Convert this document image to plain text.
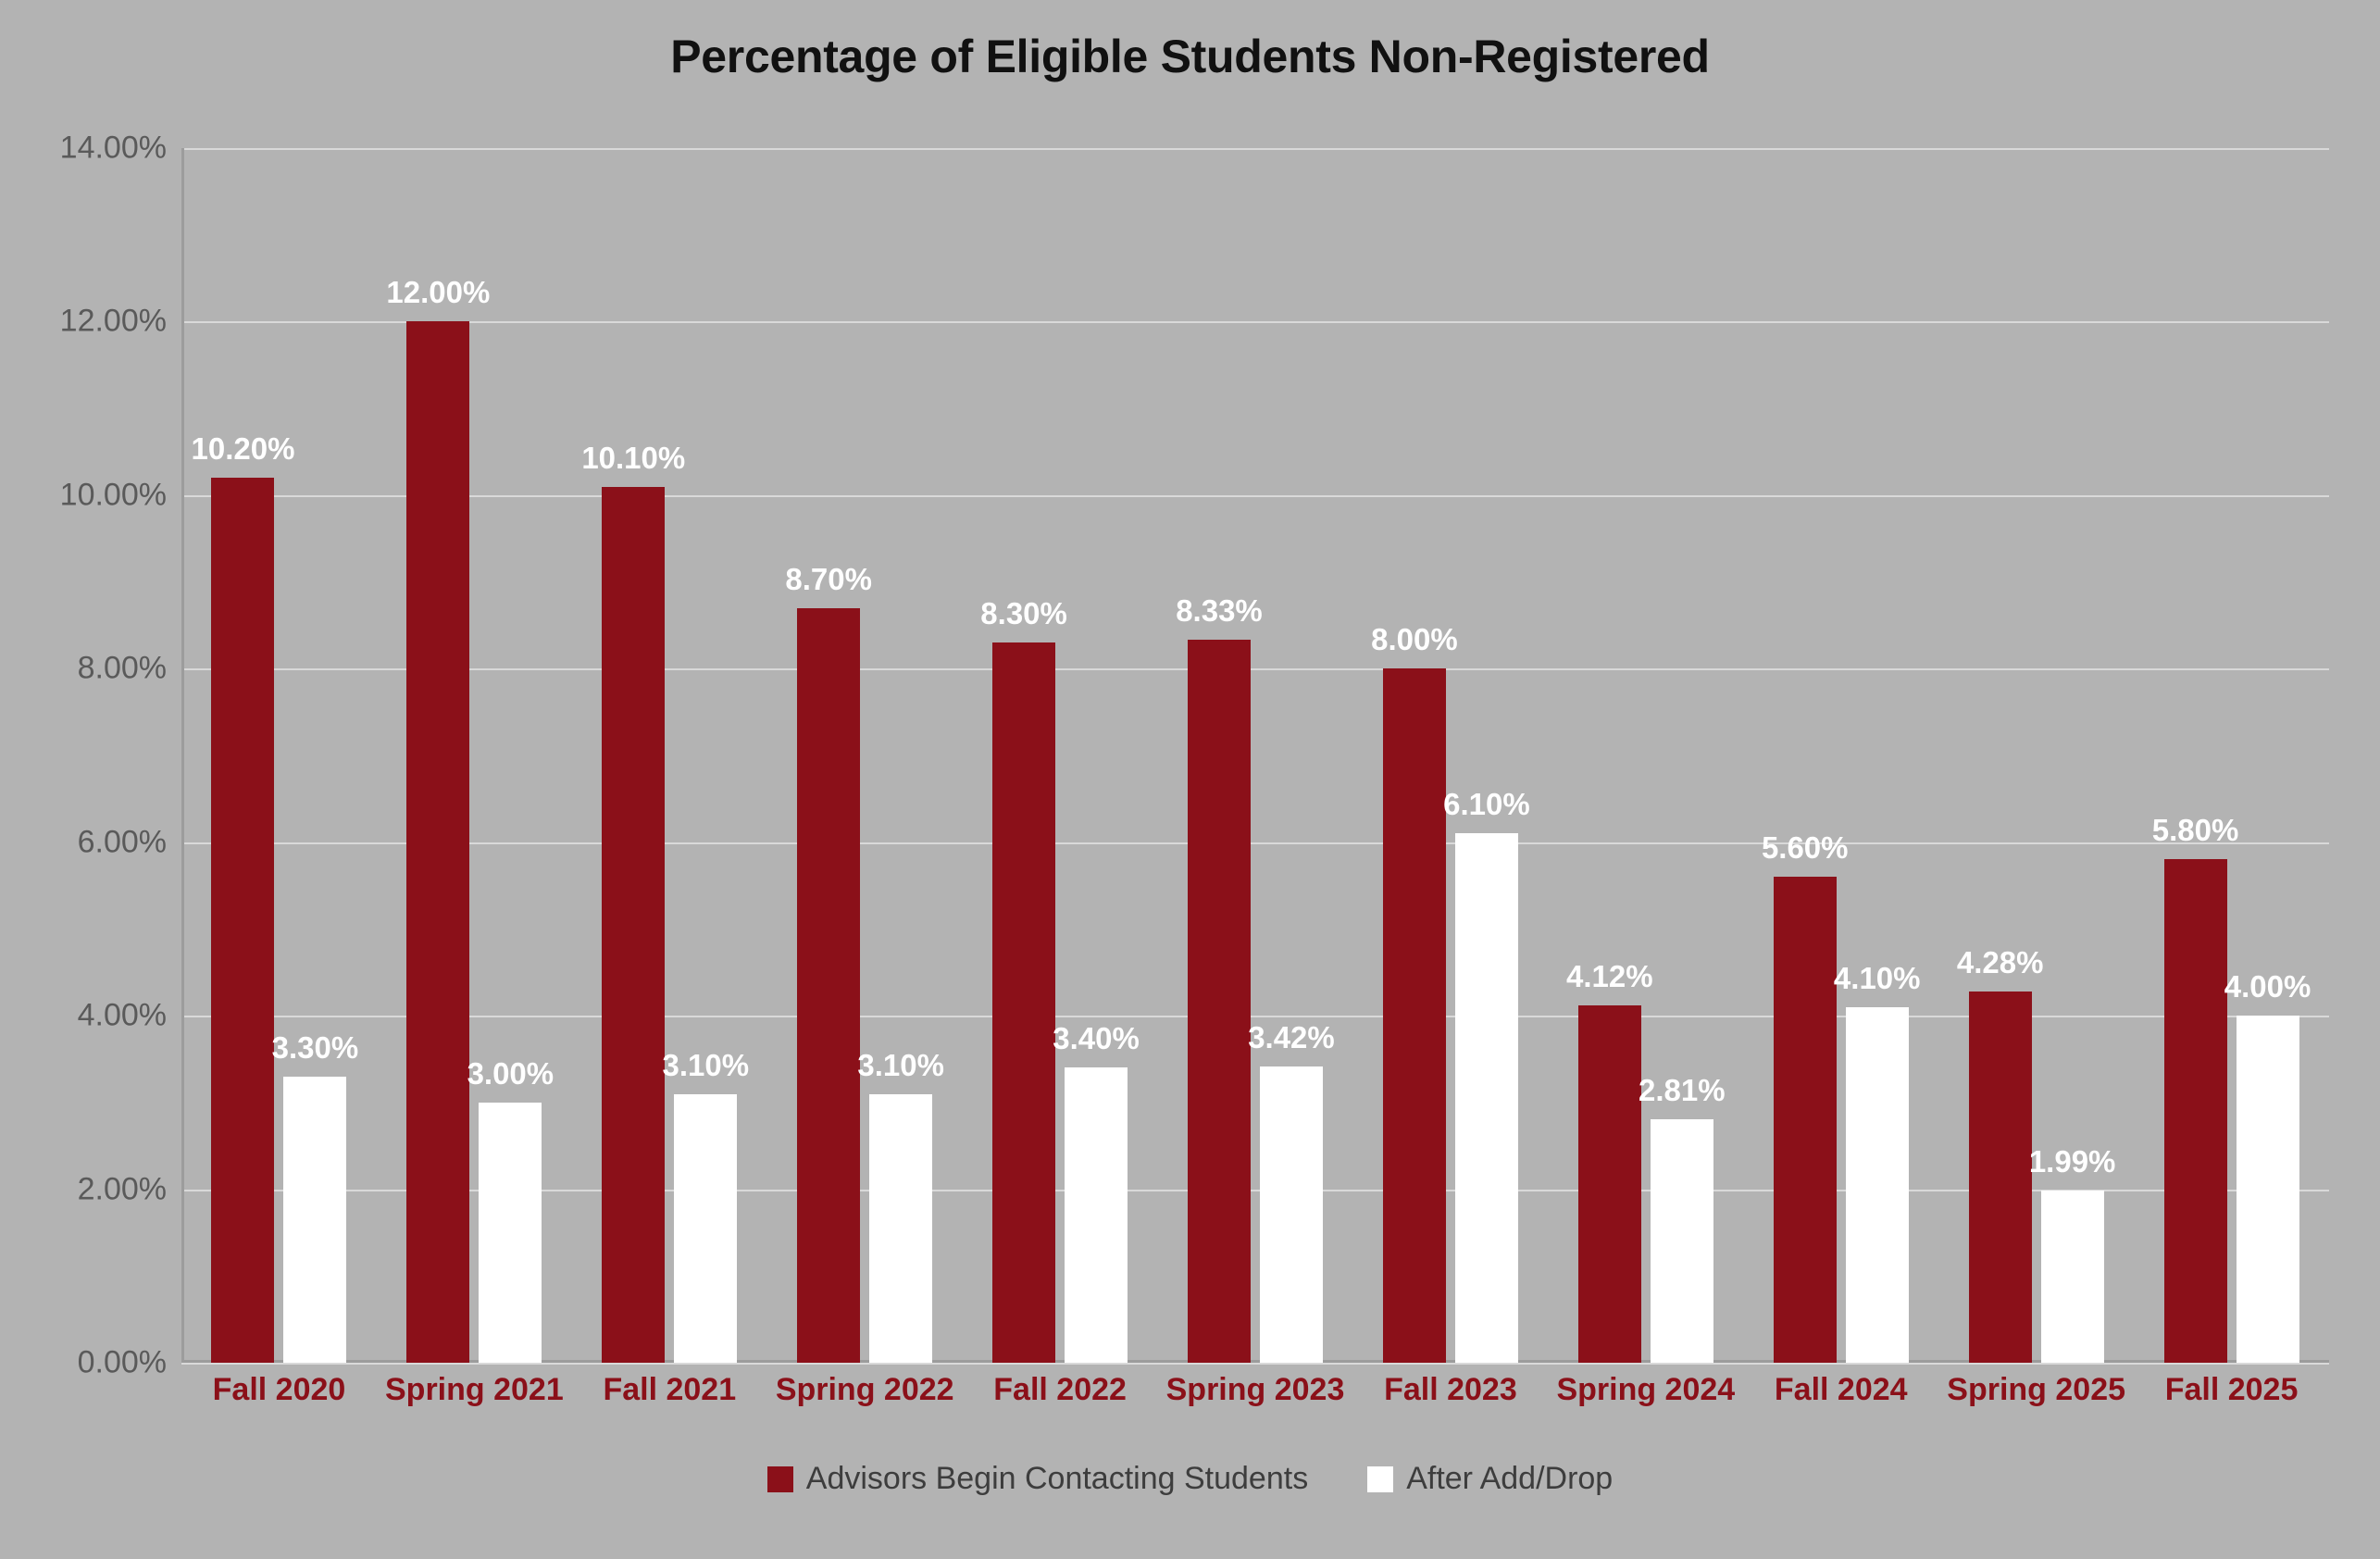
Percentage of Eligible Students Non-Registered
0.00%
2.00%
4.00%
6.00%
8.00%
10.00%
12.00%
14.00%
10.20%
3.30%
Fall 2020
12.00%
3.00%
Spring 2021
10.10%
3.10%
Fall 2021
8.70%
3.10%
Spring 2022
8.30%
3.40%
Fall 2022
8.33%
3.42%
Spring 2023
8.00%
6.10%
Fall 2023
4.12%
2.81%
Spring 2024
5.60%
4.10%
Fall 2024
4.28%
1.99%
Spring 2025
5.80%
4.00%
Fall 2025
Advisors Begin Contacting Students	After Add/Drop
